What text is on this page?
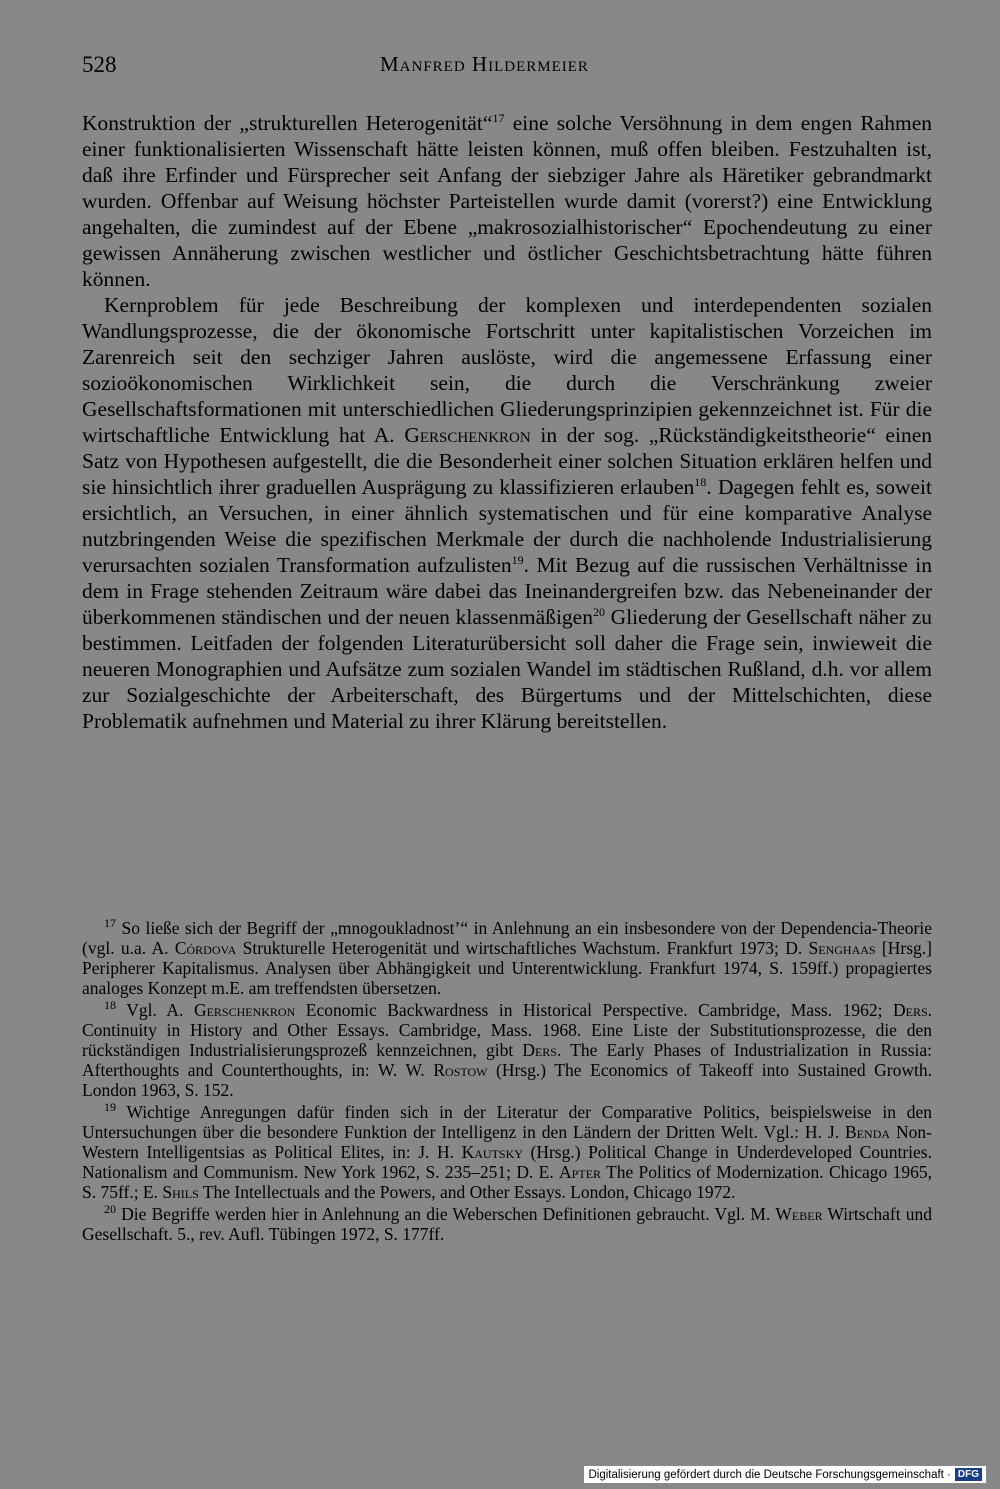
528	Manfred Hildermeier

Konstruktion der „strukturellen Heterogenität“$^{17}$ eine solche Versöhnung in dem engen Rahmen einer funktionalisierten Wissenschaft hätte leisten können, muß offen bleiben. Festzuhalten ist, daß ihre Erfinder und Fürsprecher seit Anfang der siebziger Jahre als Häretiker gebrandmarkt wurden. Offenbar auf Weisung höchster Parteistellen wurde damit (vorerst?) eine Entwicklung angehalten, die zumindest auf der Ebene „makrosozialhistorischer“ Epochendeutung zu einer gewissen Annäherung zwischen westlicher und östlicher Geschichtsbetrachtung hätte führen können.

Kernproblem für jede Beschreibung der komplexen und interdependenten sozialen Wandlungsprozesse, die der ökonomische Fortschritt unter kapitalistischen Vorzeichen im Zarenreich seit den sechziger Jahren auslöste, wird die angemessene Erfassung einer sozioökonomischen Wirklichkeit sein, die durch die Verschränkung zweier Gesellschaftsformationen mit unterschiedlichen Gliederungsprinzipien gekennzeichnet ist. Für die wirtschaftliche Entwicklung hat A. Gerschenkron in der sog. „Rückständigkeitstheorie“ einen Satz von Hypothesen aufgestellt, die die Besonderheit einer solchen Situation erklären helfen und sie hinsichtlich ihrer graduellen Ausprägung zu klassifizieren erlauben$^{18}$. Dagegen fehlt es, soweit ersichtlich, an Versuchen, in einer ähnlich systematischen und für eine komparative Analyse nutzbringenden Weise die spezifischen Merkmale der durch die nachholende Industrialisierung verursachten sozialen Transformation aufzulisten$^{19}$. Mit Bezug auf die russischen Verhältnisse in dem in Frage stehenden Zeitraum wäre dabei das Ineinandergreifen bzw. das Nebeneinander der überkommenen ständischen und der neuen klassenmäßigen$^{20}$ Gliederung der Gesellschaft näher zu bestimmen. Leitfaden der folgenden Literaturübersicht soll daher die Frage sein, inwieweit die neueren Monographien und Aufsätze zum sozialen Wandel im städtischen Rußland, d.h. vor allem zur Sozialgeschichte der Arbeiterschaft, des Bürgertums und der Mittelschichten, diese Problematik aufnehmen und Material zu ihrer Klärung bereitstellen.

$^{17}$ So ließe sich der Begriff der „mnogoukladnost’“ in Anlehnung an ein insbesondere von der Dependencia-Theorie (vgl. u.a. A. Córdova Strukturelle Heterogenität und wirtschaftliches Wachstum. Frankfurt 1973; D. Senghaas [Hrsg.] Peripherer Kapitalismus. Analysen über Abhängigkeit und Unterentwicklung. Frankfurt 1974, S. 159ff.) propagiertes analoges Konzept m.E. am treffendsten übersetzen.

$^{18}$ Vgl. A. Gerschenkron Economic Backwardness in Historical Perspective. Cambridge, Mass. 1962; Ders. Continuity in History and Other Essays. Cambridge, Mass. 1968. Eine Liste der Substitutionsprozesse, die den rückständigen Industrialisierungsprozeß kennzeichnen, gibt Ders. The Early Phases of Industrialization in Russia: Afterthoughts and Counterthoughts, in: W. W. Rostow (Hrsg.) The Economics of Takeoff into Sustained Growth. London 1963, S. 152.

$^{19}$ Wichtige Anregungen dafür finden sich in der Literatur der Comparative Politics, beispielsweise in den Untersuchungen über die besondere Funktion der Intelligenz in den Ländern der Dritten Welt. Vgl.: H. J. Benda Non-Western Intelligentsias as Political Elites, in: J. H. Kautsky (Hrsg.) Political Change in Underdeveloped Countries. Nationalism and Communism. New York 1962, S. 235–251; D. E. Apter The Politics of Modernization. Chicago 1965, S. 75ff.; E. Shils The Intellectuals and the Powers, and Other Essays. London, Chicago 1972.

$^{20}$ Die Begriffe werden hier in Anlehnung an die Weberschen Definitionen gebraucht. Vgl. M. Weber Wirtschaft und Gesellschaft. 5., rev. Aufl. Tübingen 1972, S. 177ff.

Digitalisierung gefördert durch die Deutsche Forschungsgemeinschaft · DFG
